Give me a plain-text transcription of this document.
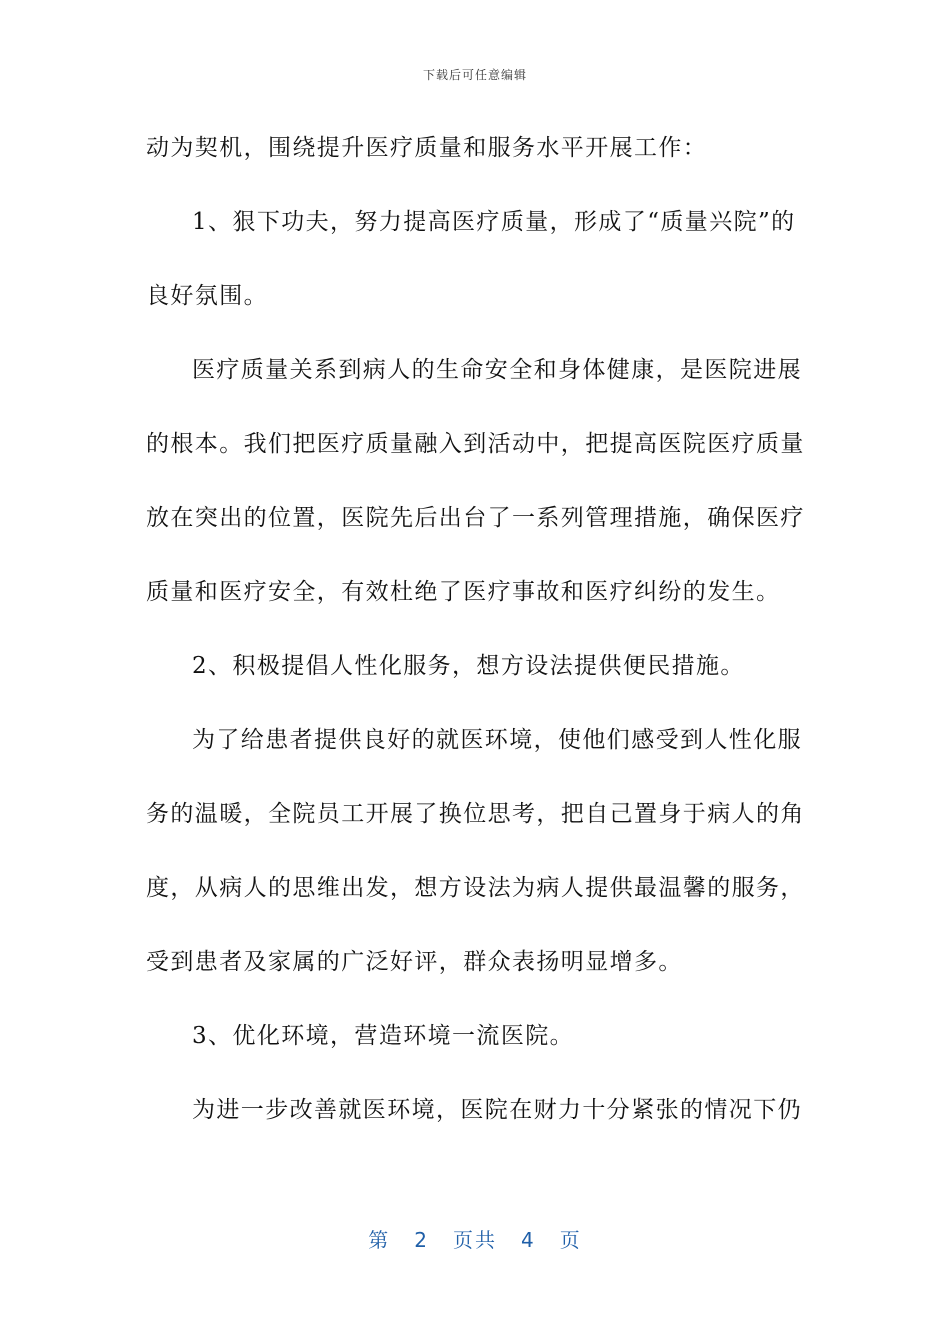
下载后可任意编辑
动为契机，围绕提升医疗质量和服务水平开展工作：
1、狠下功夫，努力提高医疗质量，形成了“质量兴院”的
良好氛围。
医疗质量关系到病人的生命安全和身体健康，是医院进展
的根本。我们把医疗质量融入到活动中，把提高医院医疗质量
放在突出的位置，医院先后出台了一系列管理措施，确保医疗
质量和医疗安全，有效杜绝了医疗事故和医疗纠纷的发生。
2、积极提倡人性化服务，想方设法提供便民措施。
为了给患者提供良好的就医环境，使他们感受到人性化服
务的温暖，全院员工开展了换位思考，把自己置身于病人的角
度，从病人的思维出发，想方设法为病人提供最温馨的服务，
受到患者及家属的广泛好评，群众表扬明显增多。
3、优化环境，营造环境一流医院。
为进一步改善就医环境，医院在财力十分紧张的情况下仍
第 2 页共 4 页
